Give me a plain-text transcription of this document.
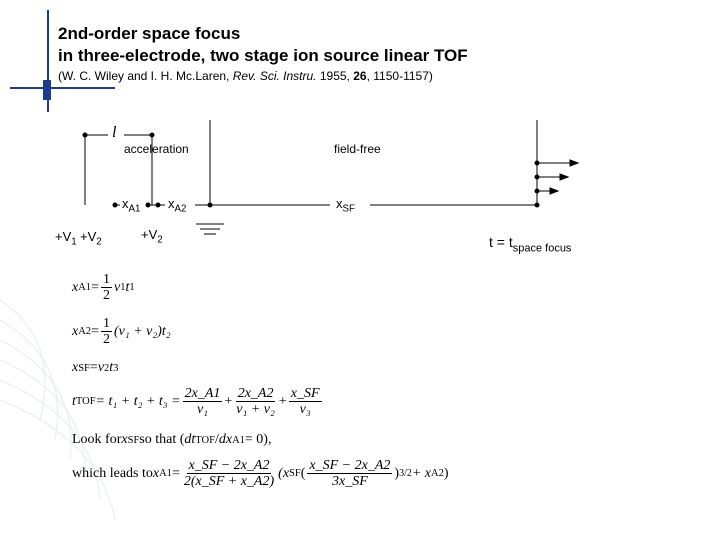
2nd-order space focus
in three-electrode, two stage ion source linear TOF
(W. C. Wiley and I. H. Mc.Laren, Rev. Sci. Instru. 1955, 26, 1150-1157)
l
acceleration	field-free
$x_{A1}$ $x_{A2}$	$x_{SF}$
$+V_1 +V_2$	$+V_2$	$t = t_{space focus}$
x $A1 = \frac{1}{2}$ v 1 t 1
x $A2 = \frac{1}{2} (v_1 + v_2)t_2$
x SF = v 2 t 3
t TOF = $t_1 + t_2 + t_3 = \frac{2x\_A1}{\text{v₁}} + \frac{2x\_A2}{\text{v₁ + v₂}} + \frac{x\_SF}{\text{v₃}}$
Look for x SF so that ( dt TOF / dx A1 = 0),
which leads to x $A1 = \frac{x\_SF - 2x\_A2}{2(x\_SF + x\_A2)} (x$ SF ( $\frac{x\_SF - 2x\_A2}{3x\_SF}$ ) 3/2 + x A2 )
